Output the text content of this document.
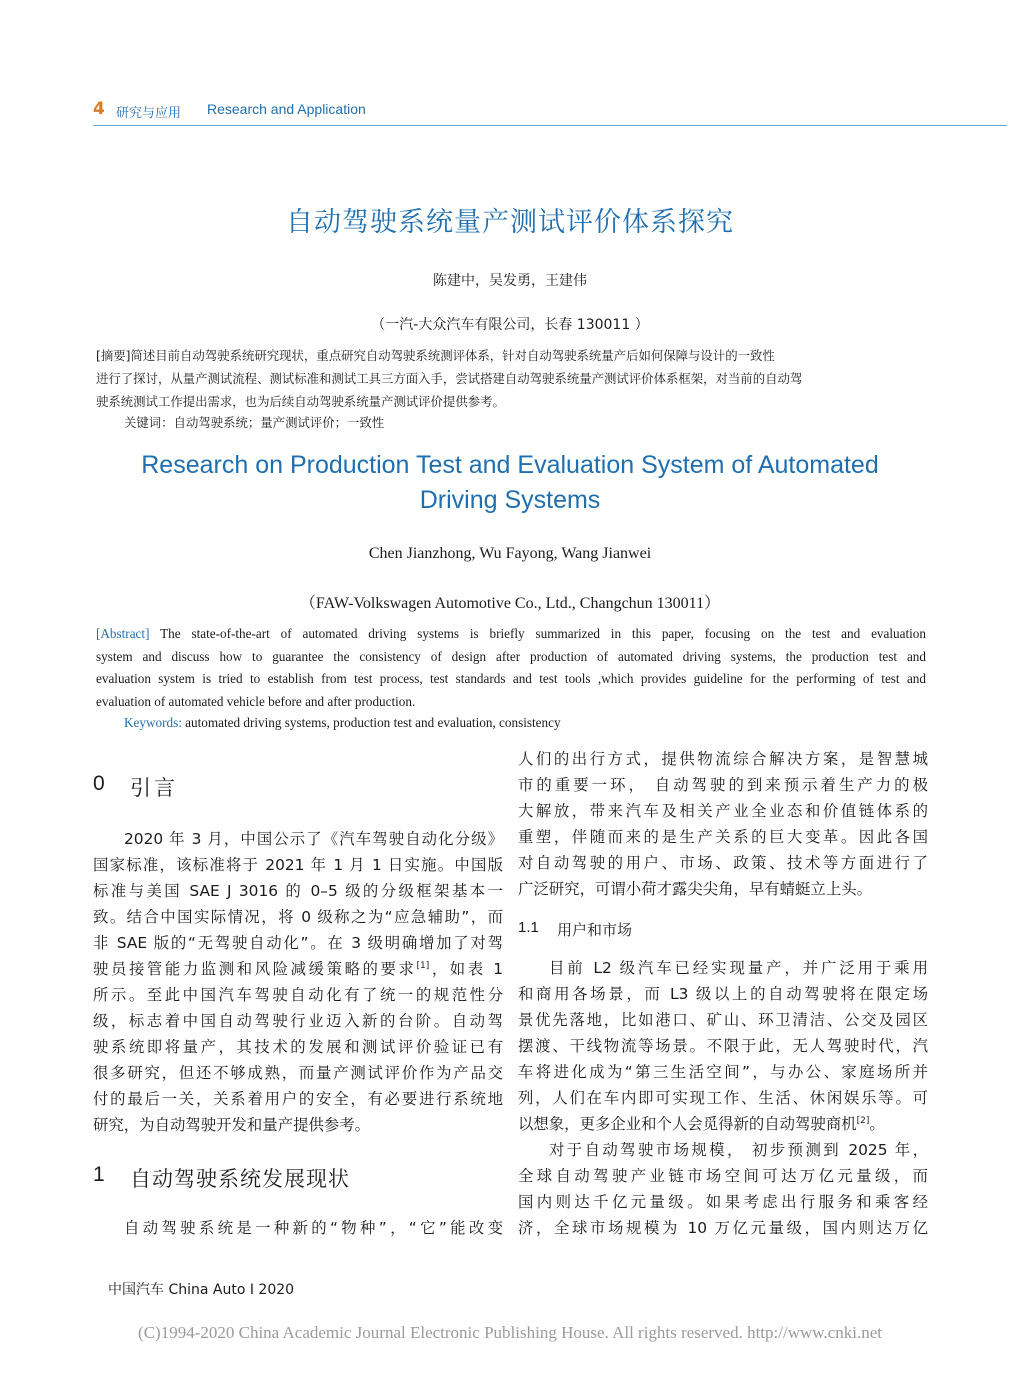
4 研究与应用 Research and Application
自动驾驶系统量产测试评价体系探究
陈建中，吴发勇，王建伟
（一汽-大众汽车有限公司，长春 130011 ）
[摘要]简述目前自动驾驶系统研究现状，重点研究自动驾驶系统测评体系，针对自动驾驶系统量产后如何保障与设计的一致性
进行了探讨，从量产测试流程、测试标准和测试工具三方面入手，尝试搭建自动驾驶系统量产测试评价体系框架，对当前的自动驾
驶系统测试工作提出需求，也为后续自动驾驶系统量产测试评价提供参考。
关键词：自动驾驶系统；量产测试评价；一致性
Research on Production Test and Evaluation System of Automated
Driving Systems
Chen Jianzhong, Wu Fayong, Wang Jianwei
（FAW-Volkswagen Automotive Co., Ltd., Changchun 130011）
[Abstract] The state-of-the-art of automated driving systems is briefly summarized in this paper, focusing on the test and evaluation
system and discuss how to guarantee the consistency of design after production of automated driving systems, the production test and
evaluation system is tried to establish from test process, test standards and test tools ,which provides guideline for the performing of test and
evaluation of automated vehicle before and after production.
Keywords: automated driving systems, production test and evaluation, consistency
0 引言
2020 年 3 月，中国公示了《汽车驾驶自动化分级》
国家标准，该标准将于 2021 年 1 月 1 日实施。中国版
标准与美国 SAE J 3016 的 0–5 级的分级框架基本一
致。结合中国实际情况，将 0 级称之为“应急辅助”，而
非 SAE 版的“无驾驶自动化”。在 3 级明确增加了对驾
驶员接管能力监测和风险减缓策略的要求[1]，如表 1
所示。至此中国汽车驾驶自动化有了统一的规范性分
级，标志着中国自动驾驶行业迈入新的台阶。自动驾
驶系统即将量产，其技术的发展和测试评价验证已有
很多研究，但还不够成熟，而量产测试评价作为产品交
付的最后一关，关系着用户的安全，有必要进行系统地
研究，为自动驾驶开发和量产提供参考。
1 自动驾驶系统发展现状
自动驾驶系统是一种新的“物种”，“它”能改变
人们的出行方式，提供物流综合解决方案，是智慧城
市的重要一环， 自动驾驶的到来预示着生产力的极
大解放，带来汽车及相关产业全业态和价值链体系的
重塑，伴随而来的是生产关系的巨大变革。因此各国
对自动驾驶的用户、市场、政策、技术等方面进行了
广泛研究，可谓小荷才露尖尖角，早有蜻蜓立上头。
1.1 用户和市场
目前 L2 级汽车已经实现量产，并广泛用于乘用
和商用各场景，而 L3 级以上的自动驾驶将在限定场
景优先落地，比如港口、矿山、环卫清洁、公交及园区
摆渡、干线物流等场景。不限于此，无人驾驶时代，汽
车将进化成为“第三生活空间”，与办公、家庭场所并
列，人们在车内即可实现工作、生活、休闲娱乐等。可
以想象，更多企业和个人会觅得新的自动驾驶商机[2]。
对于自动驾驶市场规模， 初步预测到 2025 年，
全球自动驾驶产业链市场空间可达万亿元量级，而
国内则达千亿元量级。如果考虑出行服务和乘客经
济，全球市场规模为 10 万亿元量级，国内则达万亿
中国汽车 China Auto Ⅰ 2020
(C)1994-2020 China Academic Journal Electronic Publishing House. All rights reserved. http://www.cnki.net
